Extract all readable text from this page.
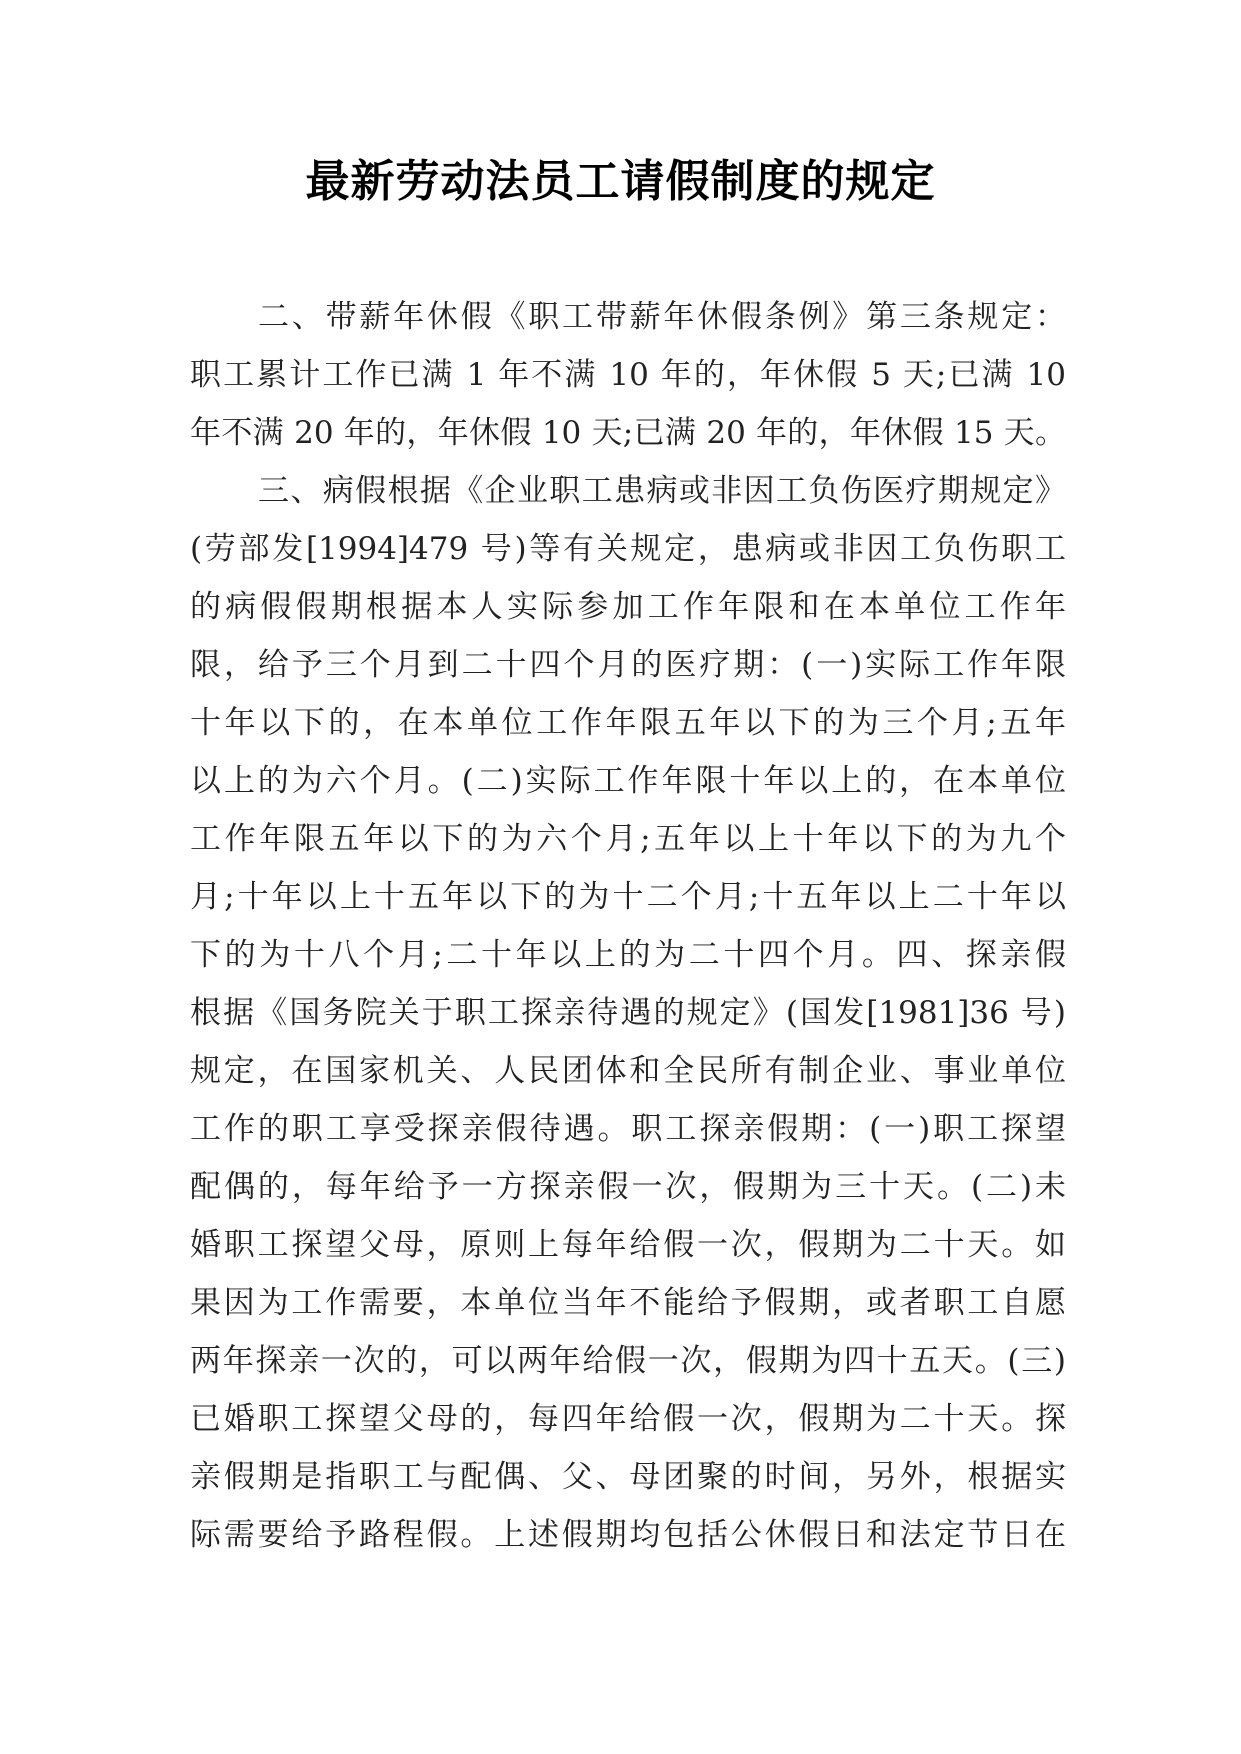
最新劳动法员工请假制度的规定
二、带薪年休假《职工带薪年休假条例》第三条规定：
职工累计工作已满 1 年不满 10 年的，年休假 5 天;已满 10
年不满 20 年的，年休假 10 天;已满 20 年的，年休假 15 天。
三、病假根据《企业职工患病或非因工负伤医疗期规定》
(劳部发[1994]479 号)等有关规定，患病或非因工负伤职工
的病假假期根据本人实际参加工作年限和在本单位工作年
限，给予三个月到二十四个月的医疗期：(一)实际工作年限
十年以下的，在本单位工作年限五年以下的为三个月;五年
以上的为六个月。(二)实际工作年限十年以上的，在本单位
工作年限五年以下的为六个月;五年以上十年以下的为九个
月;十年以上十五年以下的为十二个月;十五年以上二十年以
下的为十八个月;二十年以上的为二十四个月。四、探亲假
根据《国务院关于职工探亲待遇的规定》(国发[1981]36 号)
规定，在国家机关、人民团体和全民所有制企业、事业单位
工作的职工享受探亲假待遇。职工探亲假期：(一)职工探望
配偶的，每年给予一方探亲假一次，假期为三十天。(二)未
婚职工探望父母，原则上每年给假一次，假期为二十天。如
果因为工作需要，本单位当年不能给予假期，或者职工自愿
两年探亲一次的，可以两年给假一次，假期为四十五天。(三)
已婚职工探望父母的，每四年给假一次，假期为二十天。探
亲假期是指职工与配偶、父、母团聚的时间，另外，根据实
际需要给予路程假。上述假期均包括公休假日和法定节日在
